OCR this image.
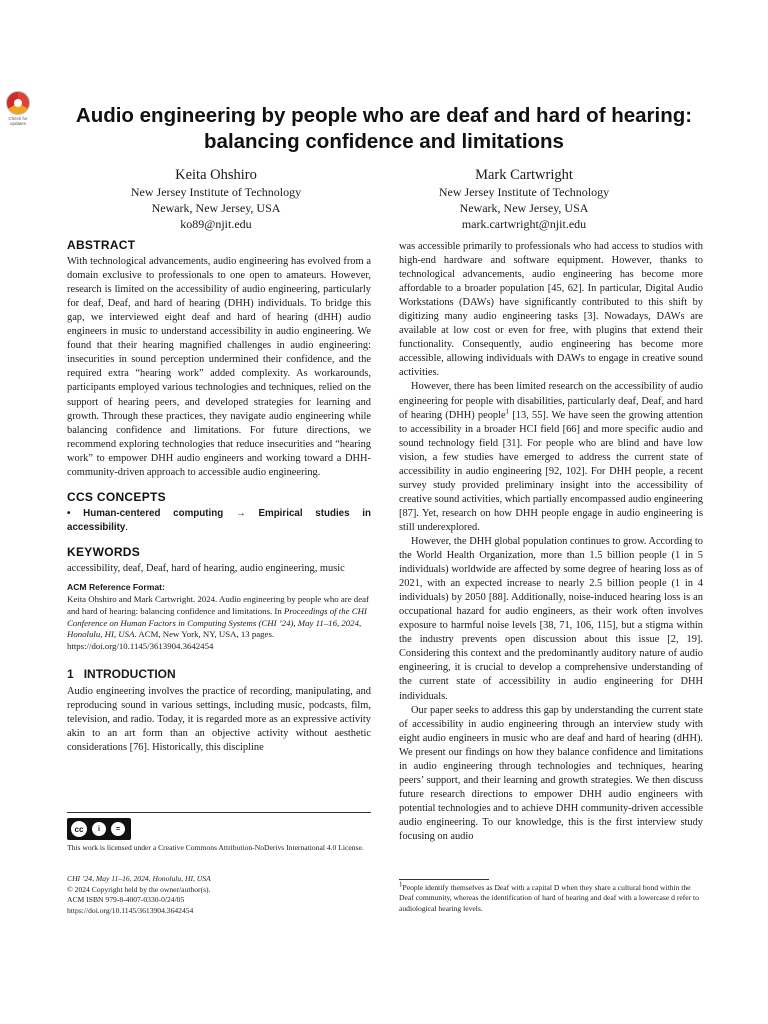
Check for updates	Audio engineering by people who are deaf and hard of hearing:
balancing confidence and limitations
Keita Ohshiro
New Jersey Institute of Technology
Newark, New Jersey, USA
ko89@njit.edu
Mark Cartwright
New Jersey Institute of Technology
Newark, New Jersey, USA
mark.cartwright@njit.edu
ABSTRACT

With technological advancements, audio engineering has evolved from a domain exclusive to professionals to one open to amateurs. However, research is limited on the accessibility of audio engineering, particularly for deaf, Deaf, and hard of hearing (DHH) individuals. To bridge this gap, we interviewed eight deaf and hard of hearing (dHH) audio engineers in music to understand accessibility in audio engineering. We found that their hearing magnified challenges in audio engineering: insecurities in sound perception undermined their confidence, and the required extra “hearing work” added complexity. As workarounds, participants employed various technologies and techniques, relied on the support of hearing peers, and developed strategies for learning and growth. Through these practices, they navigate audio engineering while balancing confidence and limitations. For future directions, we recommend exploring technologies that reduce insecurities and “hearing work” to empower DHH audio engineers and working toward a DHH-community-driven approach to accessible audio engineering.

CCS CONCEPTS

• Human-centered computing → Empirical studies in accessibility.

KEYWORDS

accessibility, deaf, Deaf, hard of hearing, audio engineering, music

ACM Reference Format:

Keita Ohshiro and Mark Cartwright. 2024. Audio engineering by people who are deaf and hard of hearing: balancing confidence and limitations. In Proceedings of the CHI Conference on Human Factors in Computing Systems (CHI ’24), May 11–16, 2024, Honolulu, HI, USA. ACM, New York, NY, USA, 13 pages. https://doi.org/10.1145/3613904.3642454

1 INTRODUCTION

Audio engineering involves the practice of recording, manipulating, and reproducing sound in various settings, including music, podcasts, film, television, and radio. Today, it is regarded more as an expressive activity akin to an art form than an objective activity without aesthetic considerations [76]. Historically, this discipline

cc	i	=
This work is licensed under a Creative Commons Attribution-NoDerivs International 4.0 License.
CHI ’24, May 11–16, 2024, Honolulu, HI, USA
© 2024 Copyright held by the owner/author(s).
ACM ISBN 979-8-4007-0330-0/24/05
https://doi.org/10.1145/3613904.3642454

was accessible primarily to professionals who had access to studios with high-end hardware and software equipment. However, thanks to technological advancements, audio engineering has become more affordable to a broader population [45, 62]. In particular, Digital Audio Workstations (DAWs) have significantly contributed to this shift by digitizing many audio engineering tasks [3]. Nowadays, DAWs are available at low cost or even for free, with plugins that extend their functionality. Consequently, audio engineering has become more accessible, allowing individuals with DAWs to engage in creative sound activities.

However, there has been limited research on the accessibility of audio engineering for people with disabilities, particularly deaf, Deaf, and hard of hearing (DHH) people$^1$ [13, 55]. We have seen the growing attention to accessibility in a broader HCI field [66] and more specific audio and sound technology field [31]. For people who are blind and have low vision, a few studies have emerged to address the current state of accessibility in audio engineering [92, 102]. For DHH people, a recent survey study provided preliminary insight into the accessibility of creative sound activities, which partially encompassed audio engineering [87]. Yet, research on how DHH people engage in audio engineering is still underexplored.

However, the DHH global population continues to grow. According to the World Health Organization, more than 1.5 billion people (1 in 5 individuals) worldwide are affected by some degree of hearing loss as of 2021, with an expected increase to nearly 2.5 billion people (1 in 4 individuals) by 2050 [88]. Additionally, noise-induced hearing loss is an occupational hazard for audio engineers, as their work often involves exposure to harmful noise levels [38, 71, 106, 115], but a stigma within the industry prevents open discussion about this issue [2, 19]. Considering this context and the predominantly auditory nature of audio engineering, it is crucial to develop a comprehensive understanding of the current state of accessibility in audio engineering for DHH individuals.

Our paper seeks to address this gap by understanding the current state of accessibility in audio engineering through an interview study with eight audio engineers in music who are deaf and hard of hearing (dHH). We present our findings on how they balance confidence and limitations in audio engineering through technologies and techniques, hearing peers’ support, and their learning and growth strategies. We then discuss future research directions to empower DHH audio engineers with potential technologies and to achieve DHH community-driven accessible audio engineering. To our knowledge, this is the first interview study focusing on audio

$^1$People identify themselves as Deaf with a capital D when they share a cultural bond within the Deaf community, whereas the identification of hard of hearing and deaf with a lowercase d refer to audiological hearing levels.
